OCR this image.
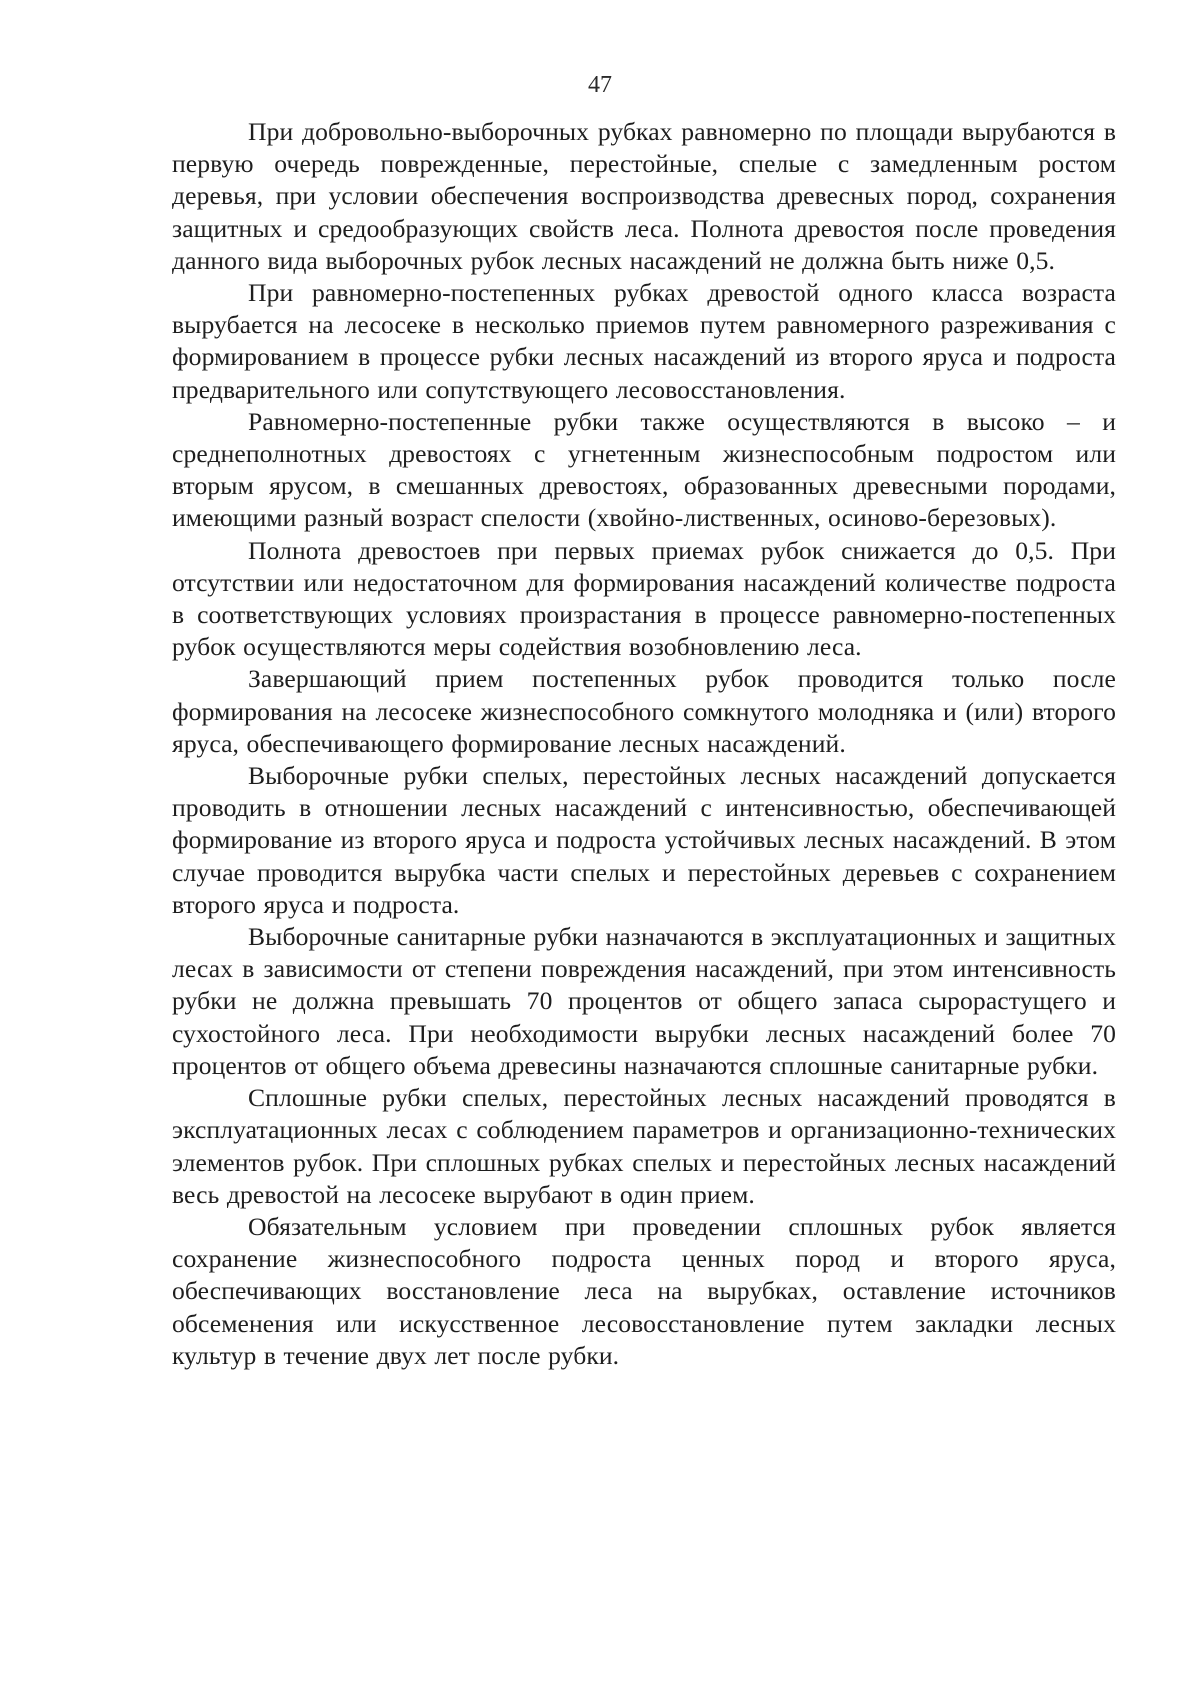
47

При добровольно-выборочных рубках равномерно по площади вырубаются в первую очередь поврежденные, перестойные, спелые с замедленным ростом деревья, при условии обеспечения воспроизводства древесных пород, сохранения защитных и средообразующих свойств леса. Полнота древостоя после проведения данного вида выборочных рубок лесных насаждений не должна быть ниже 0,5.

При равномерно-постепенных рубках древостой одного класса возраста вырубается на лесосеке в несколько приемов путем равномерного разреживания с формированием в процессе рубки лесных насаждений из второго яруса и подроста предварительного или сопутствующего лесовосстановления.

Равномерно-постепенные рубки также осуществляются в высоко – и среднеполнотных древостоях с угнетенным жизнеспособным подростом или вторым ярусом, в смешанных древостоях, образованных древесными породами, имеющими разный возраст спелости (хвойно-лиственных, осиново-березовых).

Полнота древостоев при первых приемах рубок снижается до 0,5. При отсутствии или недостаточном для формирования насаждений количестве подроста в соответствующих условиях произрастания в процессе равномерно-постепенных рубок осуществляются меры содействия возобновлению леса.

Завершающий прием постепенных рубок проводится только после формирования на лесосеке жизнеспособного сомкнутого молодняка и (или) второго яруса, обеспечивающего формирование лесных насаждений.

Выборочные рубки спелых, перестойных лесных насаждений допускается проводить в отношении лесных насаждений с интенсивностью, обеспечивающей формирование из второго яруса и подроста устойчивых лесных насаждений. В этом случае проводится вырубка части спелых и перестойных деревьев с сохранением второго яруса и подроста.

Выборочные санитарные рубки назначаются в эксплуатационных и защитных лесах в зависимости от степени повреждения насаждений, при этом интенсивность рубки не должна превышать 70 процентов от общего запаса сырорастущего и сухостойного леса. При необходимости вырубки лесных насаждений более 70 процентов от общего объема древесины назначаются сплошные санитарные рубки.

Сплошные рубки спелых, перестойных лесных насаждений проводятся в эксплуатационных лесах с соблюдением параметров и организационно-технических элементов рубок. При сплошных рубках спелых и перестойных лесных насаждений весь древостой на лесосеке вырубают в один прием.

Обязательным условием при проведении сплошных рубок является сохранение жизнеспособного подроста ценных пород и второго яруса, обеспечивающих восстановление леса на вырубках, оставление источников обсеменения или искусственное лесовосстановление путем закладки лесных культур в течение двух лет после рубки.
